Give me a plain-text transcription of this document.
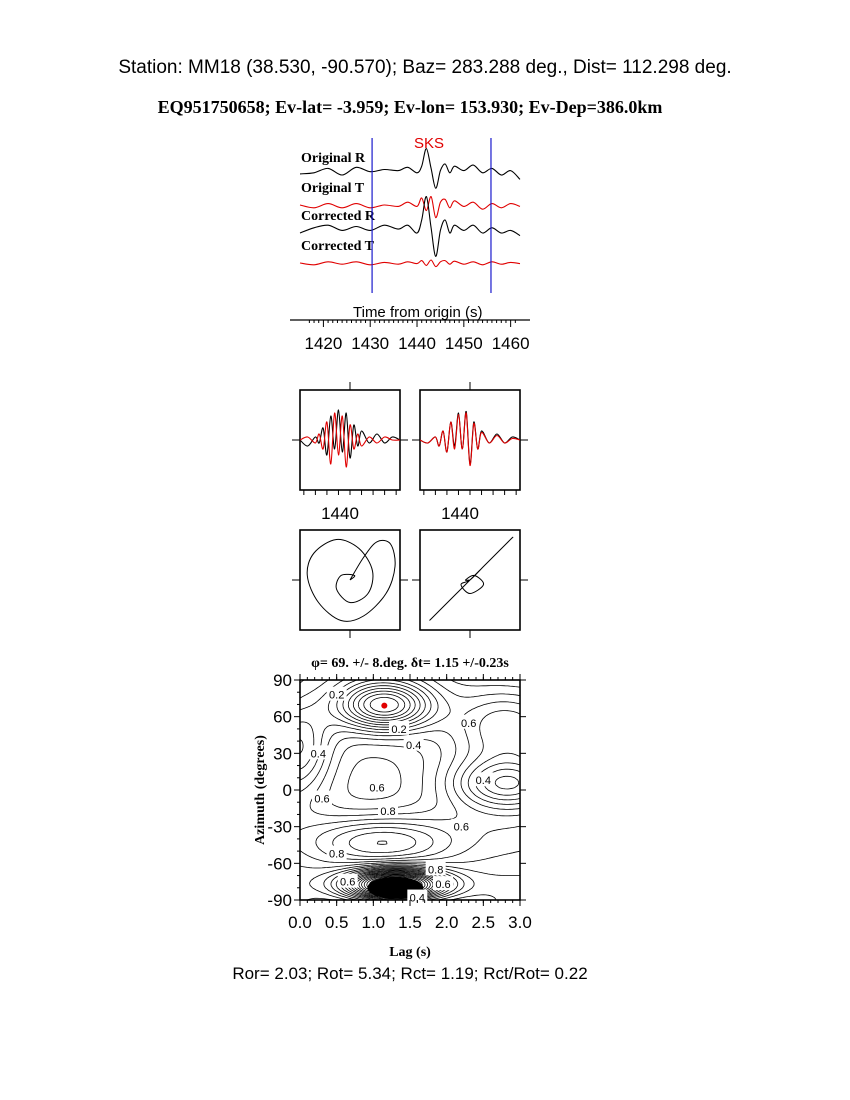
Station: MM18 (38.530, -90.570); Baz= 283.288 deg., Dist= 112.298 deg.
EQ951750658; Ev-lat= -3.959; Ev-lon= 153.930; Ev-Dep=386.0km
Original R
Original T
Corrected R
Corrected T
SKS
Time from origin (s)
1420 1430 1440 1450 1460
1440	1440
0.2
0.2
0.4
0.6
0.4
0.4
0.6
0.6
0.8
0.6
0.8
0.8
0.6	0.6
0.4
φ= 69. +/- 8.deg. δt= 1.15 +/-0.23s
90
60
30
0
-30
-60
-90
0.0 0.5 1.0 1.5 2.0 2.5 3.0
Lag (s)
Azimuth (degrees)
Ror= 2.03; Rot= 5.34; Rct= 1.19; Rct/Rot= 0.22
